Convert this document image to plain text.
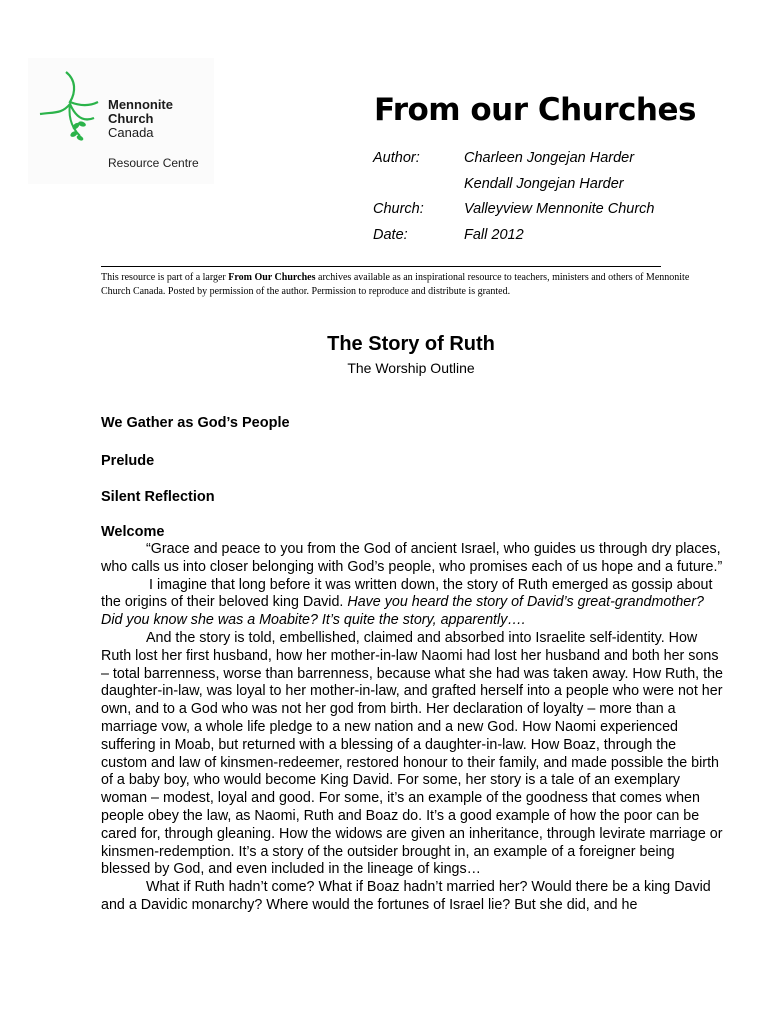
Mennonite
Church
Canada
Resource Centre
From our Churches
Author:	Charleen Jongejan Harder
Kendall Jongejan Harder
Church:	Valleyview Mennonite Church
Date:	Fall 2012
This resource is part of a larger From Our Churches archives available as an inspirational resource to teachers, ministers and others of Mennonite Church Canada. Posted by permission of the author. Permission to reproduce and distribute is granted.
The Story of Ruth
The Worship Outline
We Gather as God’s People
Prelude
Silent Reflection
Welcome

“Grace and peace to you from the God of ancient Israel, who guides us through dry places, who calls us into closer belonging with God’s people, who promises each of us hope and a future.”

I imagine that long before it was written down, the story of Ruth emerged as gossip about the origins of their beloved king David. Have you heard the story of David’s great-grandmother? Did you know she was a Moabite? It’s quite the story, apparently….

And the story is told, embellished, claimed and absorbed into Israelite self-identity. How Ruth lost her first husband, how her mother-in-law Naomi had lost her husband and both her sons – total barrenness, worse than barrenness, because what she had was taken away. How Ruth, the daughter-in-law, was loyal to her mother-in-law, and grafted herself into a people who were not her own, and to a God who was not her god from birth. Her declaration of loyalty – more than a marriage vow, a whole life pledge to a new nation and a new God. How Naomi experienced suffering in Moab, but returned with a blessing of a daughter-in-law. How Boaz, through the custom and law of kinsmen-redeemer, restored honour to their family, and made possible the birth of a baby boy, who would become King David. For some, her story is a tale of an exemplary woman – modest, loyal and good. For some, it’s an example of the goodness that comes when people obey the law, as Naomi, Ruth and Boaz do. It’s a good example of how the poor can be cared for, through gleaning. How the widows are given an inheritance, through levirate marriage or kinsmen-redemption. It’s a story of the outsider brought in, an example of a foreigner being blessed by God, and even included in the lineage of kings…

What if Ruth hadn’t come? What if Boaz hadn’t married her? Would there be a king David and a Davidic monarchy? Where would the fortunes of Israel lie? But she did, and he
